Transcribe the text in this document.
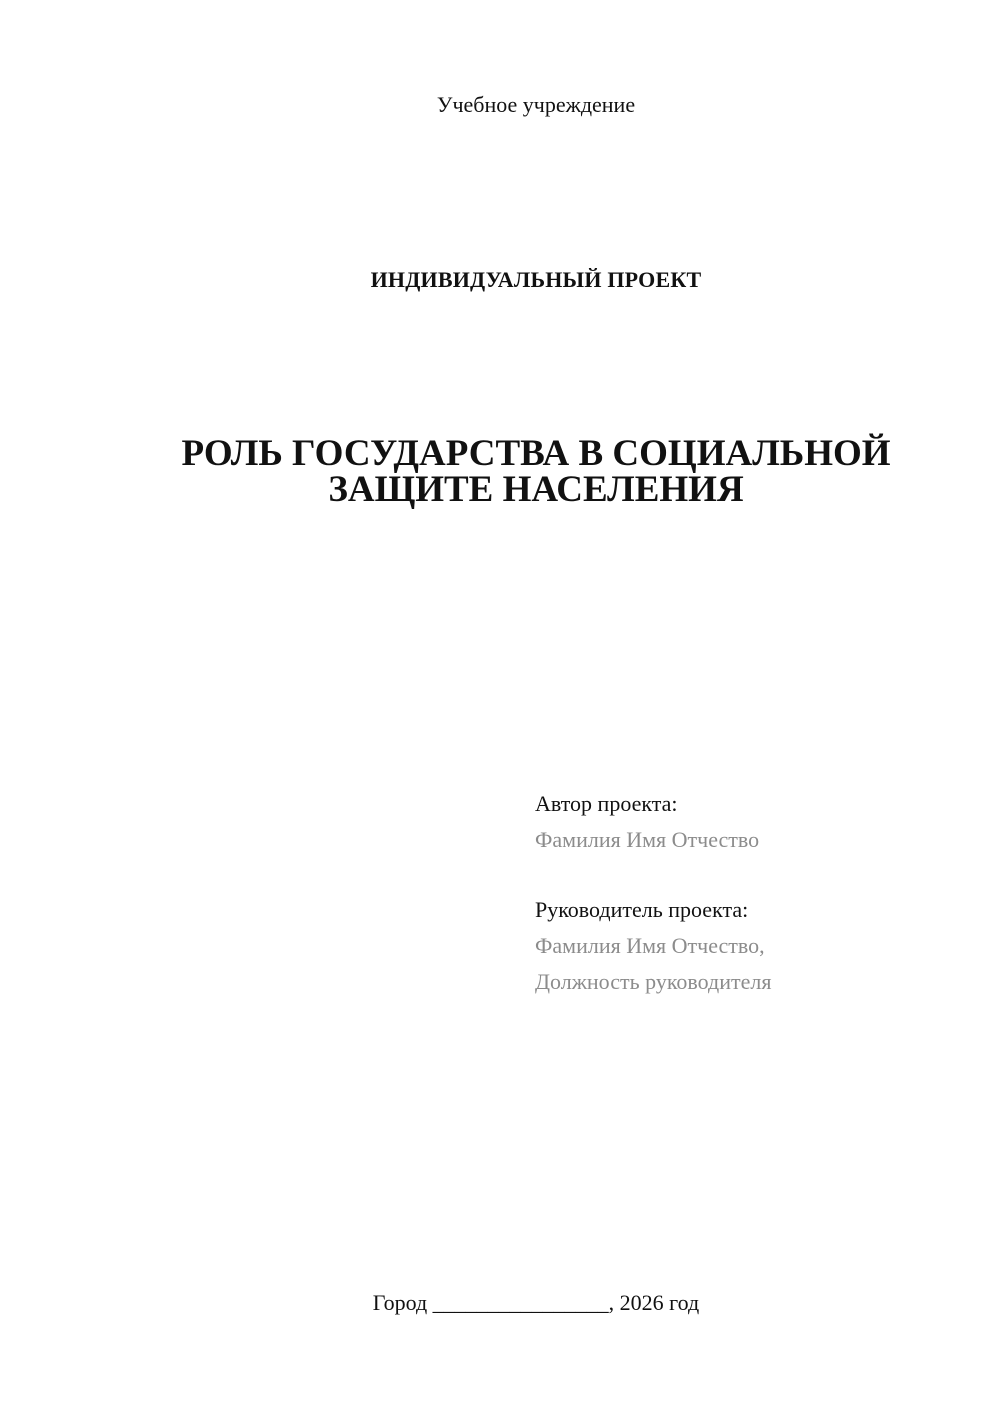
Учебное учреждение
ИНДИВИДУАЛЬНЫЙ ПРОЕКТ
РОЛЬ ГОСУДАРСТВА В СОЦИАЛЬНОЙ
ЗАЩИТЕ НАСЕЛЕНИЯ
Автор проекта:
Фамилия Имя Отчество
Руководитель проекта:
Фамилия Имя Отчество,
Должность руководителя
Город ________________, 2026 год
